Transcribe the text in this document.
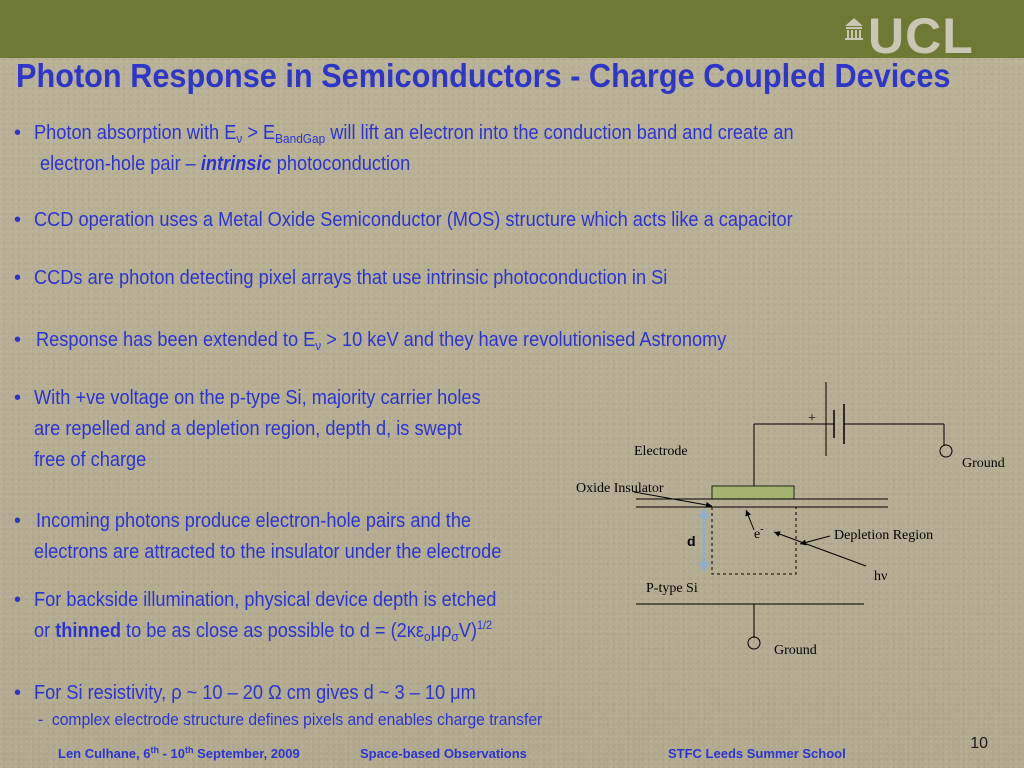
UCL
Photon Response in Semiconductors - Charge Coupled Devices
• Photon absorption with $E_\nu > E_{BandGap}$ will lift an electron into the conduction band and create an
electron-hole pair – intrinsic photoconduction
• CCD operation uses a Metal Oxide Semiconductor (MOS) structure which acts like a capacitor
• CCDs are photon detecting pixel arrays that use intrinsic photoconduction in Si
• Response has been extended to $E_\nu > 10$ keV and they have revolutionised Astronomy
• With +ve voltage on the p-type Si, majority carrier holes
are repelled and a depletion region, depth d, is swept
free of charge
• Incoming photons produce electron-hole pairs and the
electrons are attracted to the insulator under the electrode
• For backside illumination, physical device depth is etched
or thinned to be as close as possible to $d = (2\kappa\varepsilon_o\mu\rho_\sigma V)^{1/2}$
• For Si resistivity, ρ ~ 10 – 20 Ω cm gives d ~ 3 – 10 μm
- complex electrode structure defines pixels and enables charge transfer
+
Electrode
Ground
Oxide Insulator
d	e-	Depletion Region
hν
P-type Si
Ground
Len Culhane, 6th - 10th September, 2009	Space-based Observations	STFC Leeds Summer School
10
